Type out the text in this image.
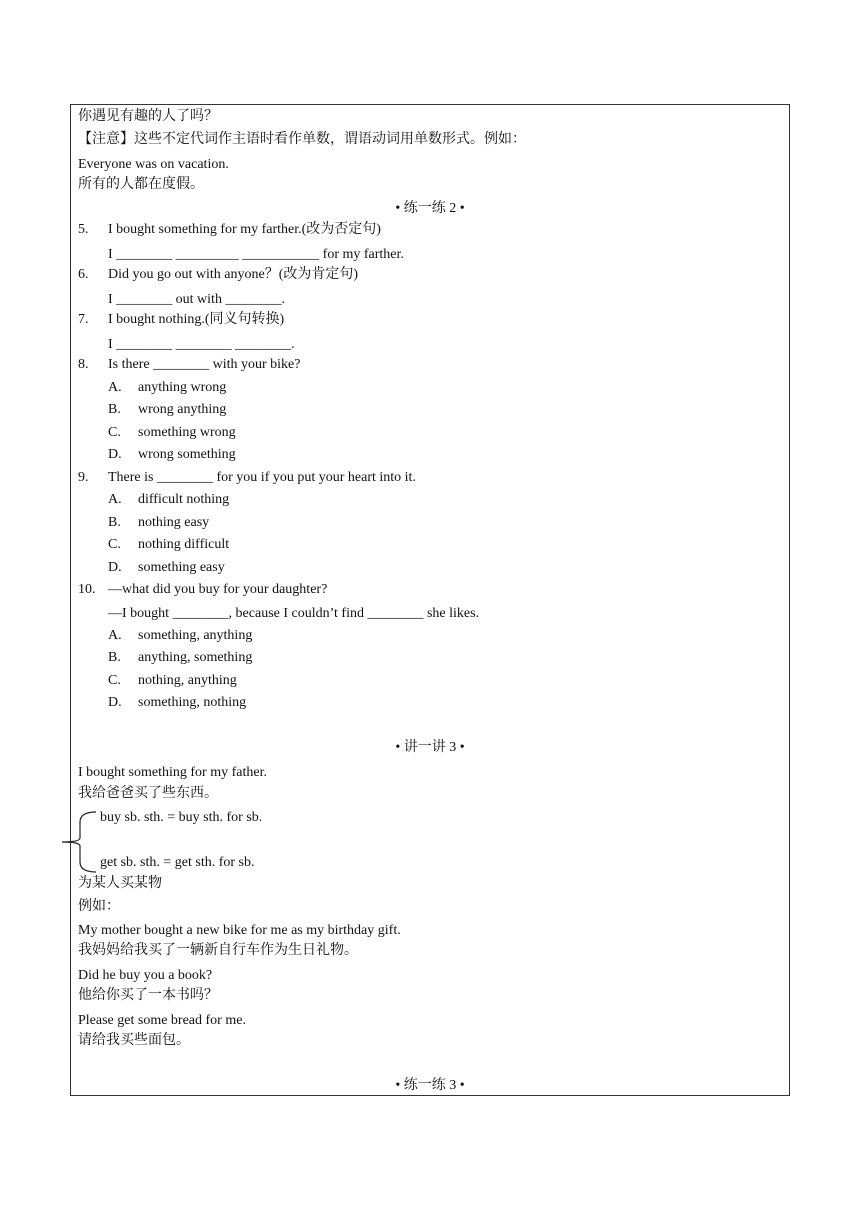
你遇见有趣的人了吗？
【注意】这些不定代词作主语时看作单数，谓语动词用单数形式。例如：
Everyone was on vacation.
所有的人都在度假。
• 练一练 2 •
5. I bought something for my farther.(改为否定句)
I ________ _________ ___________ for my farther.
6. Did you go out with anyone？(改为肯定句)
I ________ out with ________.
7. I bought nothing.(同义句转换)
I ________ ________ ________.
8. Is there ________ with your bike?
A. anything wrong
B. wrong anything
C. something wrong
D. wrong something
9. There is ________ for you if you put your heart into it.
A. difficult nothing
B. nothing easy
C. nothing difficult
D. something easy
10. —what did you buy for your daughter?
—I bought ________, because I couldn’t find ________ she likes.
A. something, anything
B. anything, something
C. nothing, anything
D. something, nothing
• 讲一讲 3 •
I bought something for my father.
我给爸爸买了些东西。
buy sb. sth. = buy sth. for sb.
get sb. sth. = get sth. for sb.
为某人买某物
例如：
My mother bought a new bike for me as my birthday gift.
我妈妈给我买了一辆新自行车作为生日礼物。
Did he buy you a book?
他给你买了一本书吗？
Please get some bread for me.
请给我买些面包。
• 练一练 3 •
